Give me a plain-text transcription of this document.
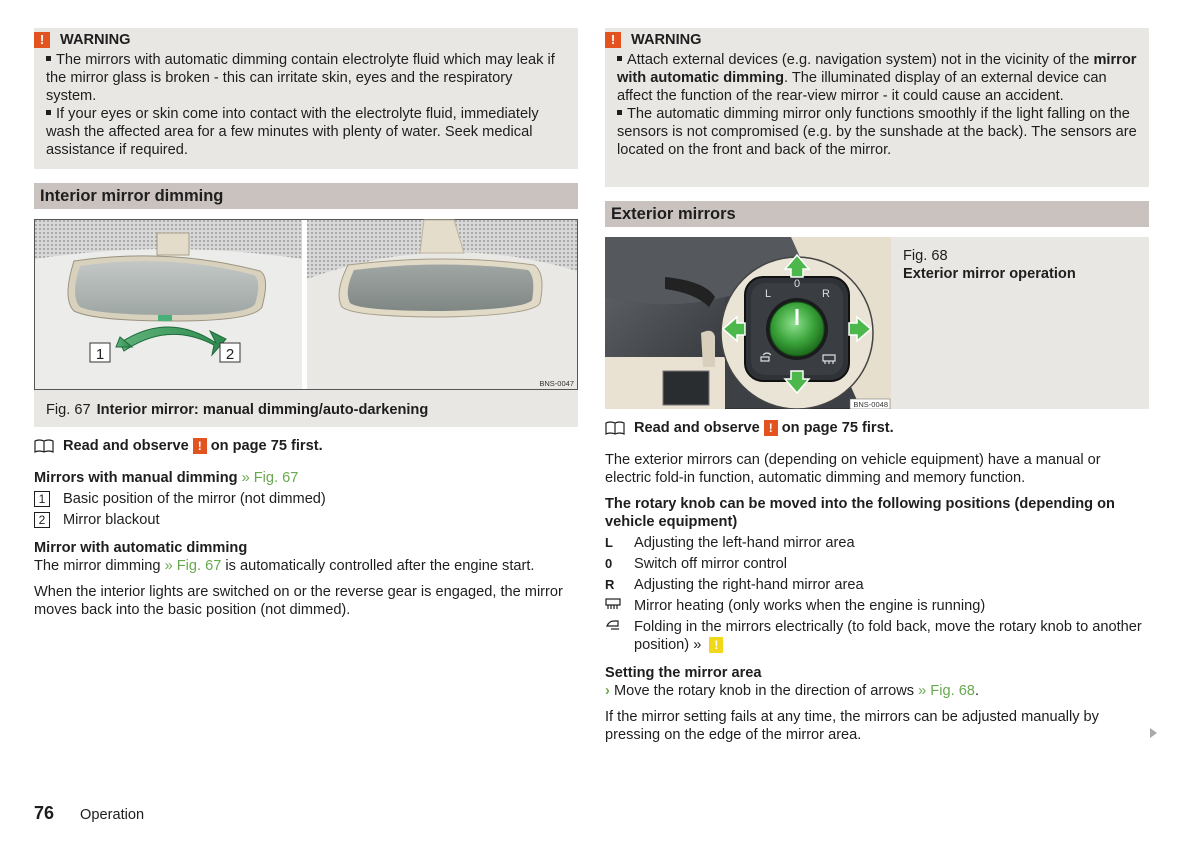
!	WARNING

The mirrors with automatic dimming contain electrolyte fluid which may leak if the mirror glass is broken - this can irritate skin, eyes and the respiratory system.

If your eyes or skin come into contact with the electrolyte fluid, immediately wash the affected area for a few minutes with plenty of water. Seek medical assistance if required.

Interior mirror dimming
1	2
BNS-0047
Fig. 67 Interior mirror: manual dimming/auto-darkening
Read and observe ! on page 75 first.

Mirrors with manual dimming » Fig. 67

1	Basic position of the mirror (not dimmed)
2	Mirror blackout

Mirror with automatic dimming

The mirror dimming » Fig. 67 is automatically controlled after the engine start.

When the interior lights are switched on or the reverse gear is engaged, the mirror moves back into the basic position (not dimmed).

!	WARNING

Attach external devices (e.g. navigation system) not in the vicinity of the mirror with automatic dimming. The illuminated display of an external device can affect the function of the rear-view mirror - it could cause an accident.

The automatic dimming mirror only functions smoothly if the light falling on the sensors is not compromised (e.g. by the sunshade at the back). The sensors are located on the front and back of the mirror.

Exterior mirrors
L
0
R
BNS-0048
Fig. 68
Exterior mirror operation
Read and observe ! on page 75 first.

The exterior mirrors can (depending on vehicle equipment) have a manual or electric fold-in function, automatic dimming and memory function.

The rotary knob can be moved into the following positions (depending on vehicle equipment)

L	Adjusting the left-hand mirror area
0	Switch off mirror control
R	Adjusting the right-hand mirror area
Mirror heating (only works when the engine is running)
Folding in the mirrors electrically (to fold back, move the rotary knob to another position) » !

Setting the mirror area

› Move the rotary knob in the direction of arrows » Fig. 68.

If the mirror setting fails at any time, the mirrors can be adjusted manually by pressing on the edge of the mirror area.

76 Operation
